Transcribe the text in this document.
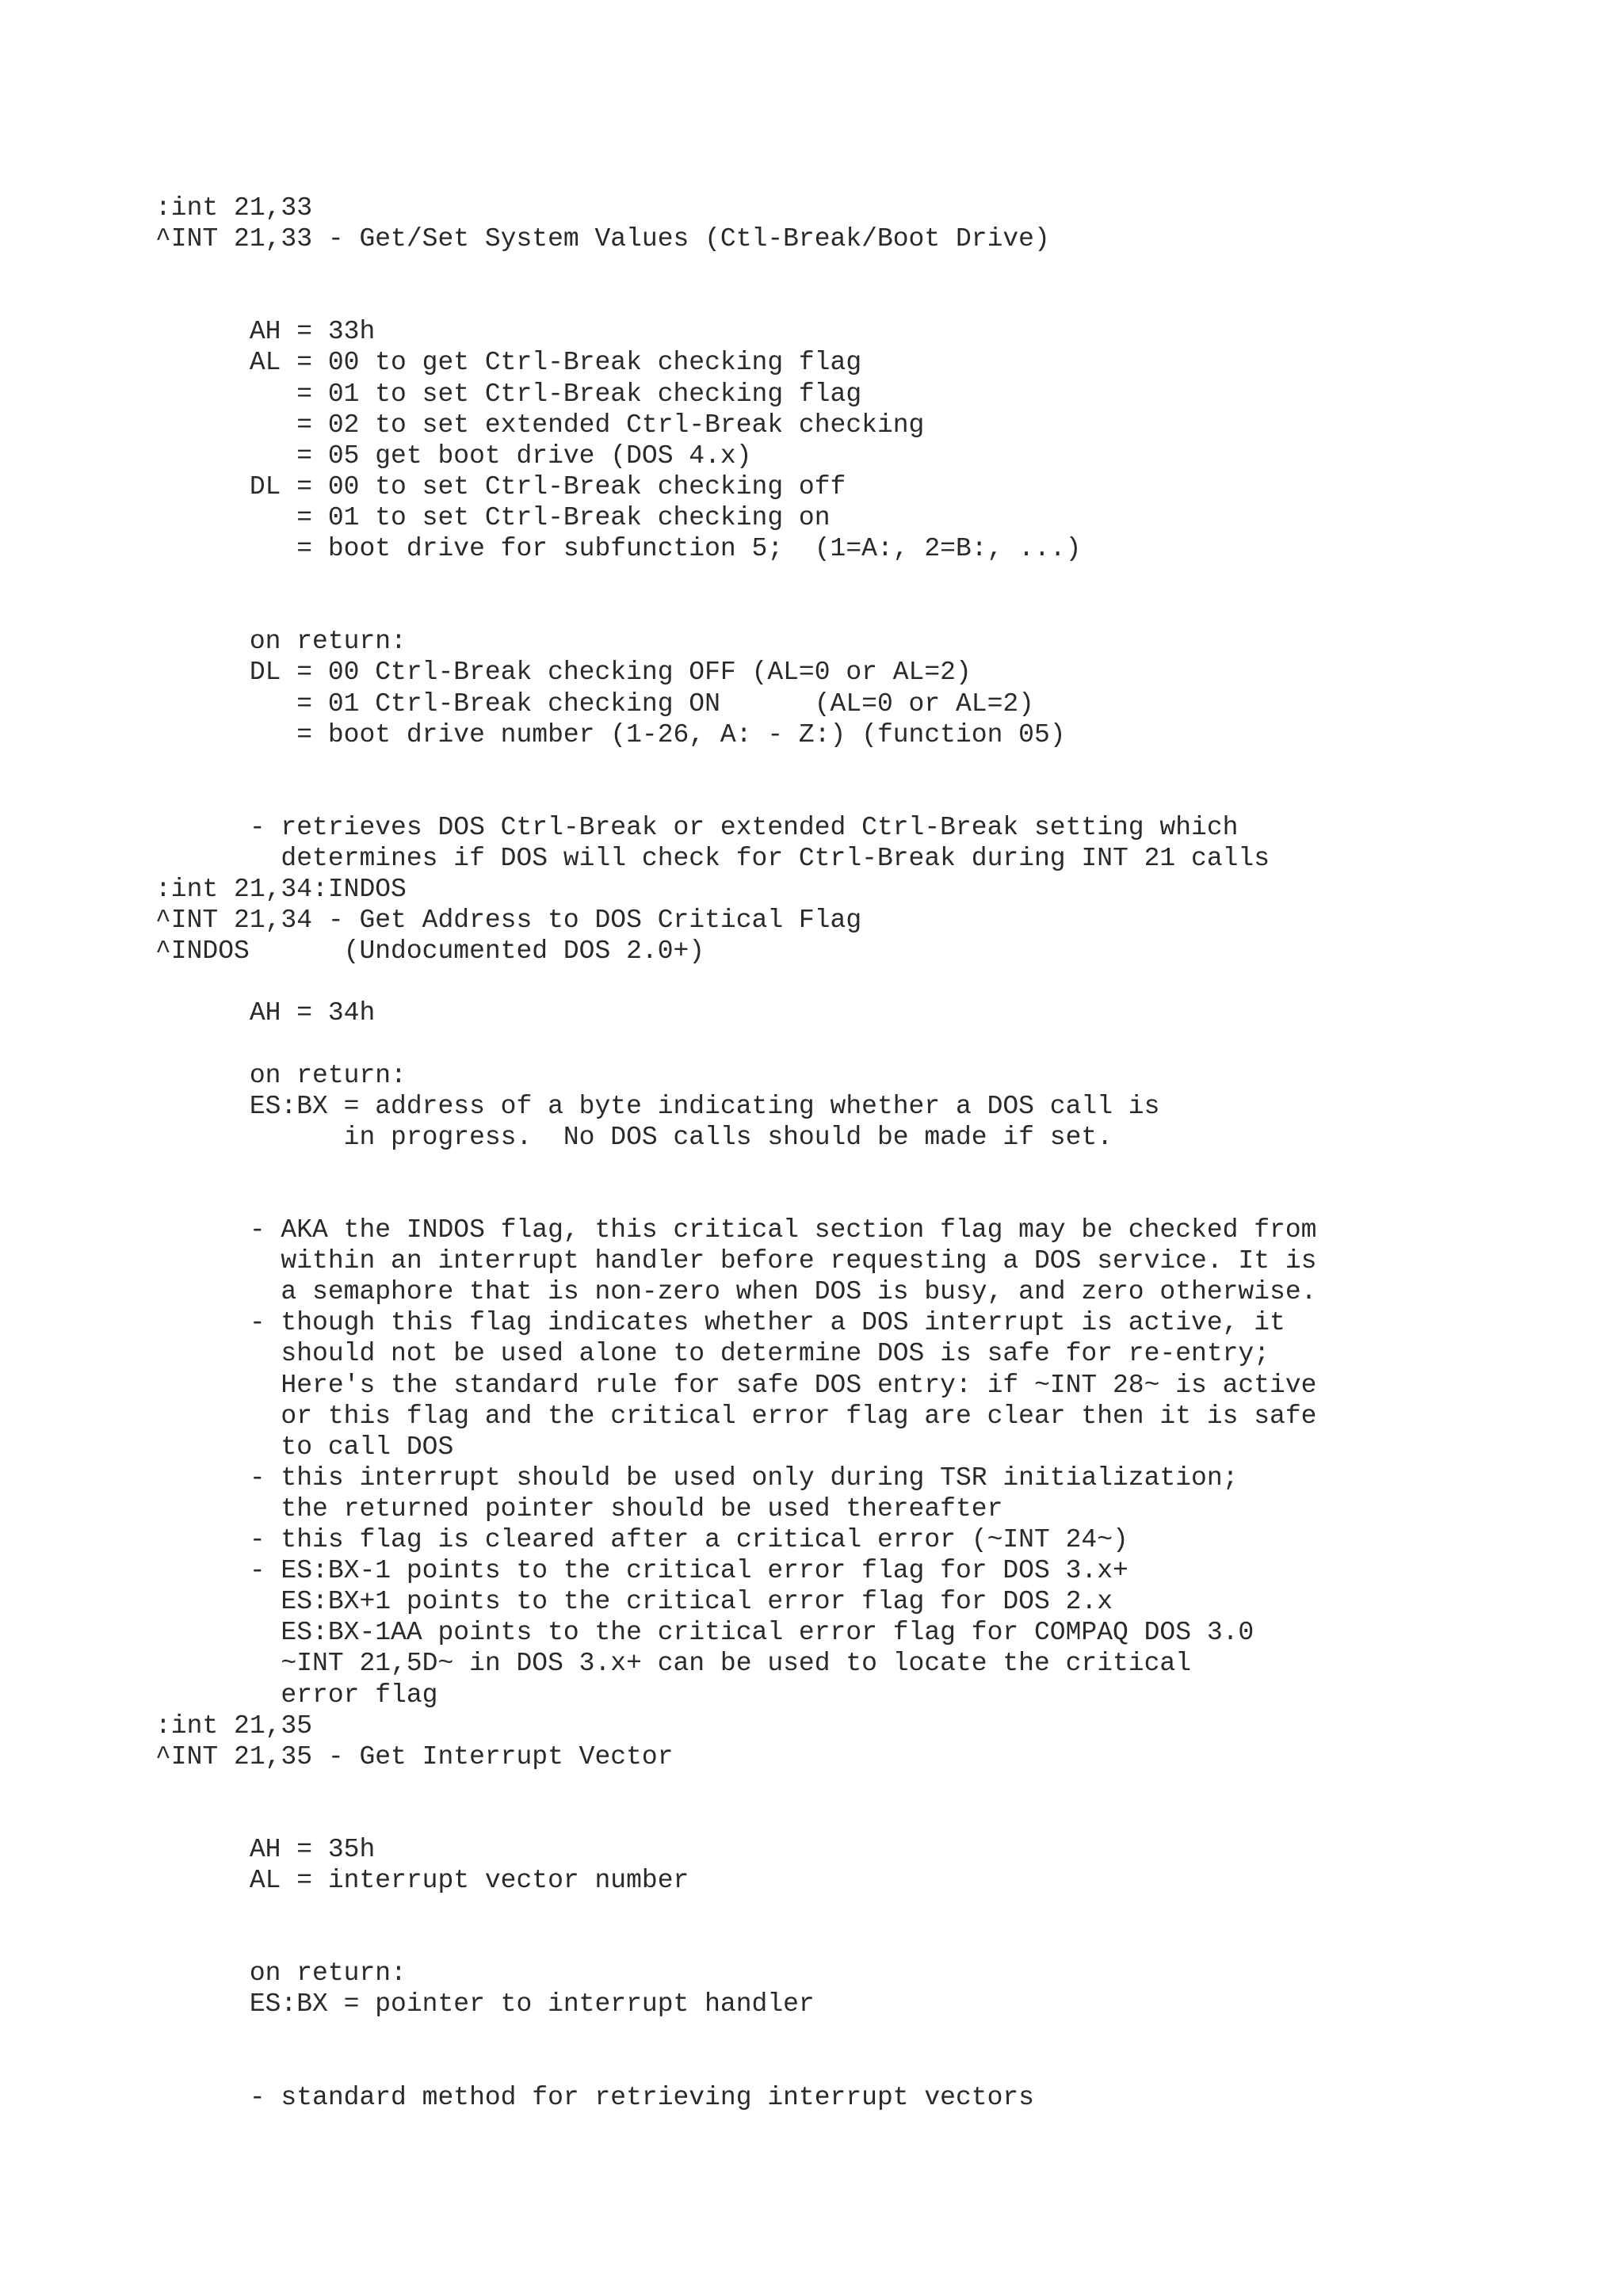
:int 21,33
^INT 21,33 - Get/Set System Values (Ctl-Break/Boot Drive)
AH = 33h
AL = 00 to get Ctrl-Break checking flag
= 01 to set Ctrl-Break checking flag
= 02 to set extended Ctrl-Break checking
= 05 get boot drive (DOS 4.x)
DL = 00 to set Ctrl-Break checking off
= 01 to set Ctrl-Break checking on
= boot drive for subfunction 5;  (1=A:, 2=B:, ...)
on return:
DL = 00 Ctrl-Break checking OFF (AL=0 or AL=2)
= 01 Ctrl-Break checking ON      (AL=0 or AL=2)
= boot drive number (1-26, A: - Z:) (function 05)
- retrieves DOS Ctrl-Break or extended Ctrl-Break setting which
determines if DOS will check for Ctrl-Break during INT 21 calls
:int 21,34:INDOS
^INT 21,34 - Get Address to DOS Critical Flag
^INDOS      (Undocumented DOS 2.0+)
AH = 34h
on return:
ES:BX = address of a byte indicating whether a DOS call is
in progress.  No DOS calls should be made if set.
- AKA the INDOS flag, this critical section flag may be checked from
within an interrupt handler before requesting a DOS service. It is
a semaphore that is non-zero when DOS is busy, and zero otherwise.
- though this flag indicates whether a DOS interrupt is active, it
should not be used alone to determine DOS is safe for re-entry;
Here's the standard rule for safe DOS entry: if ~INT 28~ is active
or this flag and the critical error flag are clear then it is safe
to call DOS
- this interrupt should be used only during TSR initialization;
the returned pointer should be used thereafter
- this flag is cleared after a critical error (~INT 24~)
- ES:BX-1 points to the critical error flag for DOS 3.x+
ES:BX+1 points to the critical error flag for DOS 2.x
ES:BX-1AA points to the critical error flag for COMPAQ DOS 3.0
~INT 21,5D~ in DOS 3.x+ can be used to locate the critical
error flag
:int 21,35
^INT 21,35 - Get Interrupt Vector
AH = 35h
AL = interrupt vector number
on return:
ES:BX = pointer to interrupt handler
- standard method for retrieving interrupt vectors
